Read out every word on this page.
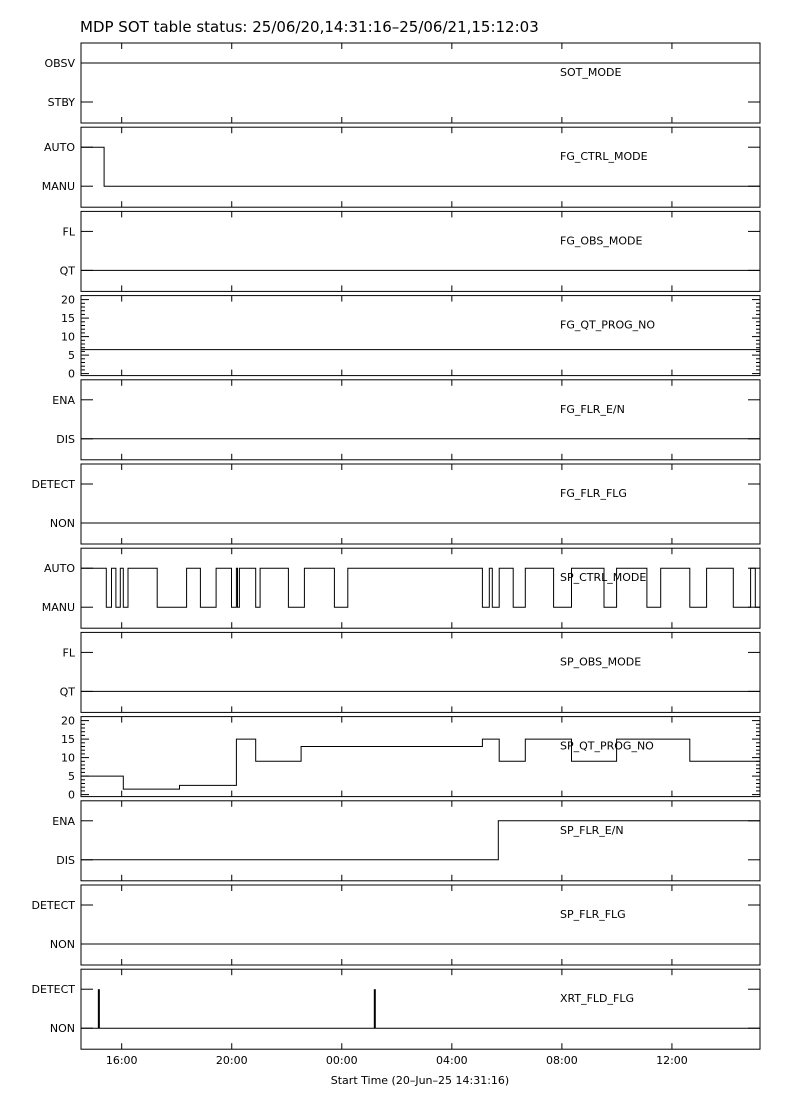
MDP SOT table status: 25/06/20,14:31:16–25/06/21,15:12:03
OBSV
STBY
SOT_MODE
AUTO
MANU
FG_CTRL_MODE
FL
QT
FG_OBS_MODE
20
15
10
5
0
FG_QT_PROG_NO
ENA
DIS
FG_FLR_E/N
DETECT
NON
FG_FLR_FLG
AUTO
MANU
SP_CTRL_MODE
FL
QT
SP_OBS_MODE
20
15
10
5
0
SP_QT_PROG_NO
ENA
DIS
SP_FLR_E/N
DETECT
NON
SP_FLR_FLG
DETECT
NON
XRT_FLD_FLG
16:00	20:00	00:00	04:00	08:00	12:00
Start Time (20–Jun–25 14:31:16)
